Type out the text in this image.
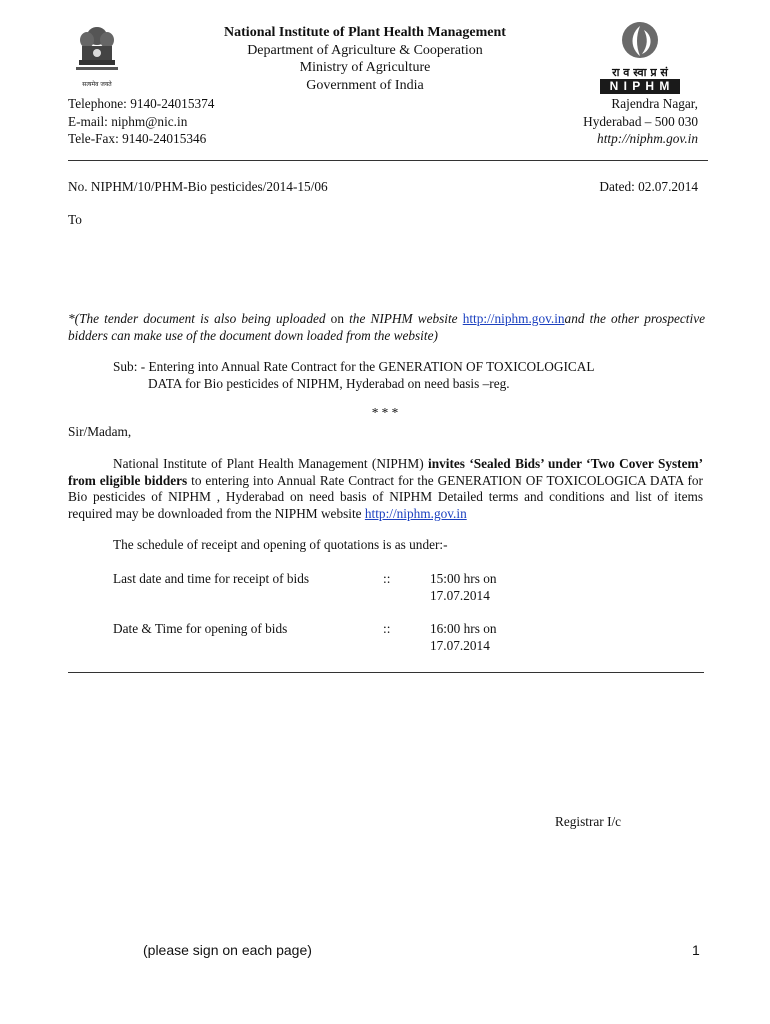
सत्यमेव जयते
रा व स्वा प्र सं
N I P H M
National Institute of Plant Health Management
Department of Agriculture & Cooperation
Ministry of Agriculture
Government of India
Telephone: 9140-24015374
E-mail: niphm@nic.in
Tele-Fax: 9140-24015346
Rajendra Nagar,
Hyderabad – 500 030
http://niphm.gov.in
No. NIPHM/10/PHM-Bio pesticides/2014-15/06	Dated: 02.07.2014
To
*(The tender document is also being uploaded on the NIPHM website http://niphm.gov.inand the other prospective bidders can make use of the document down loaded from the website)
Sub: - Entering into Annual Rate Contract for the GENERATION OF TOXICOLOGICAL
DATA for Bio pesticides of NIPHM, Hyderabad on need basis –reg.
* * *
Sir/Madam,
National Institute of Plant Health Management (NIPHM) invites ‘Sealed Bids’ under ‘Two Cover System’ from eligible bidders to entering into Annual Rate Contract for the GENERATION OF TOXICOLOGICA DATA for Bio pesticides of NIPHM , Hyderabad on need basis of NIPHM Detailed terms and conditions and list of items required may be downloaded from the NIPHM website http://niphm.gov.in
The schedule of receipt and opening of quotations is as under:-
Last date and time for receipt of bids	::	15:00 hrs on
17.07.2014
Date & Time for opening of bids	::	16:00 hrs on
17.07.2014
Registrar I/c
(please sign on each page)	1
